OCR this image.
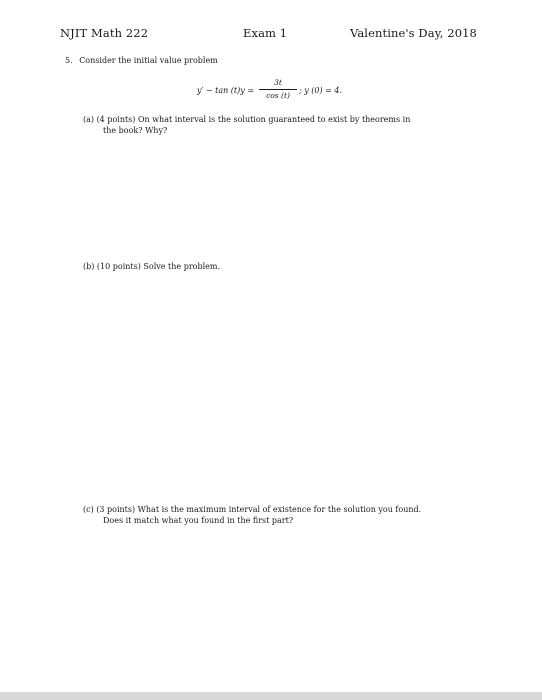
NJIT Math 222	Exam 1	Valentine's Day, 2018
5. Consider the initial value problem
y′ − tan (t)y =
3t
cos (t)
; y (0) = 4.
(a) (4 points) On what interval is the solution guaranteed to exist by theorems in
the book? Why?
(b) (10 points) Solve the problem.
(c) (3 points) What is the maximum interval of existence for the solution you found.
Does it match what you found in the first part?
